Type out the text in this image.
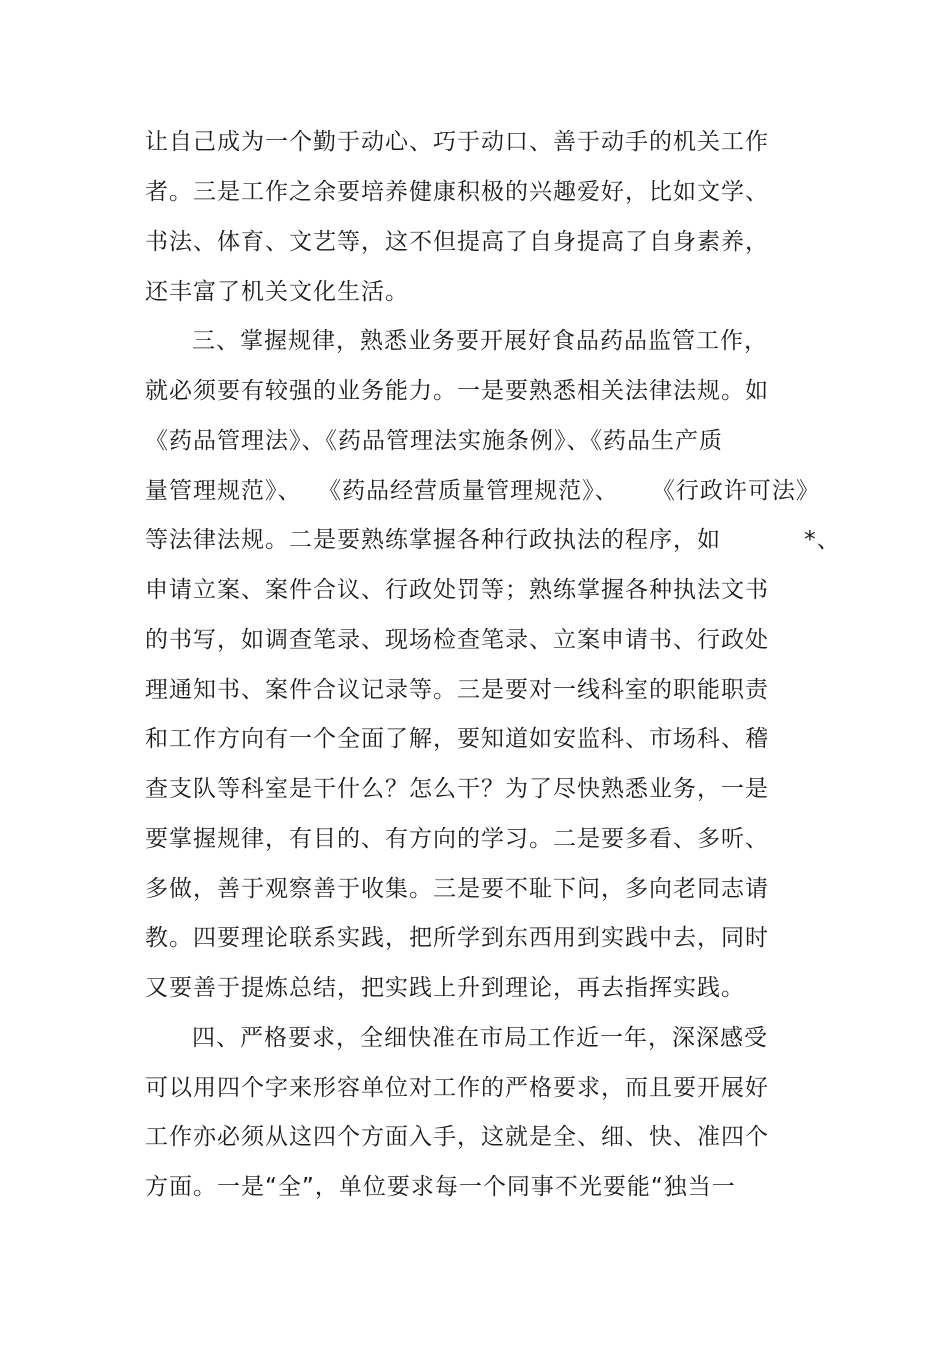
让自己成为一个勤于动心、巧于动口、善于动手的机关工作
者。三是工作之余要培养健康积极的兴趣爱好，比如文学、
书法、体育、文艺等，这不但提高了自身提高了自身素养，
还丰富了机关文化生活。
三、掌握规律，熟悉业务要开展好食品药品监管工作，
就必须要有较强的业务能力。一是要熟悉相关法律法规。如
《药品管理法》、《药品管理法实施条例》、《药品生产质
量管理规范》、  《药品经营质量管理规范》、    《行政许可法》
等法律法规。二是要熟练掌握各种行政执法的程序，如          *、
申请立案、案件合议、行政处罚等；熟练掌握各种执法文书
的书写，如调查笔录、现场检查笔录、立案申请书、行政处
理通知书、案件合议记录等。三是要对一线科室的职能职责
和工作方向有一个全面了解，要知道如安监科、市场科、稽
查支队等科室是干什么？怎么干？为了尽快熟悉业务，一是
要掌握规律，有目的、有方向的学习。二是要多看、多听、
多做，善于观察善于收集。三是要不耻下问，多向老同志请
教。四要理论联系实践，把所学到东西用到实践中去，同时
又要善于提炼总结，把实践上升到理论，再去指挥实践。
四、严格要求，全细快准在市局工作近一年，深深感受
可以用四个字来形容单位对工作的严格要求，而且要开展好
工作亦必须从这四个方面入手，这就是全、细、快、准四个
方面。一是“全”，单位要求每一个同事不光要能“独当一
